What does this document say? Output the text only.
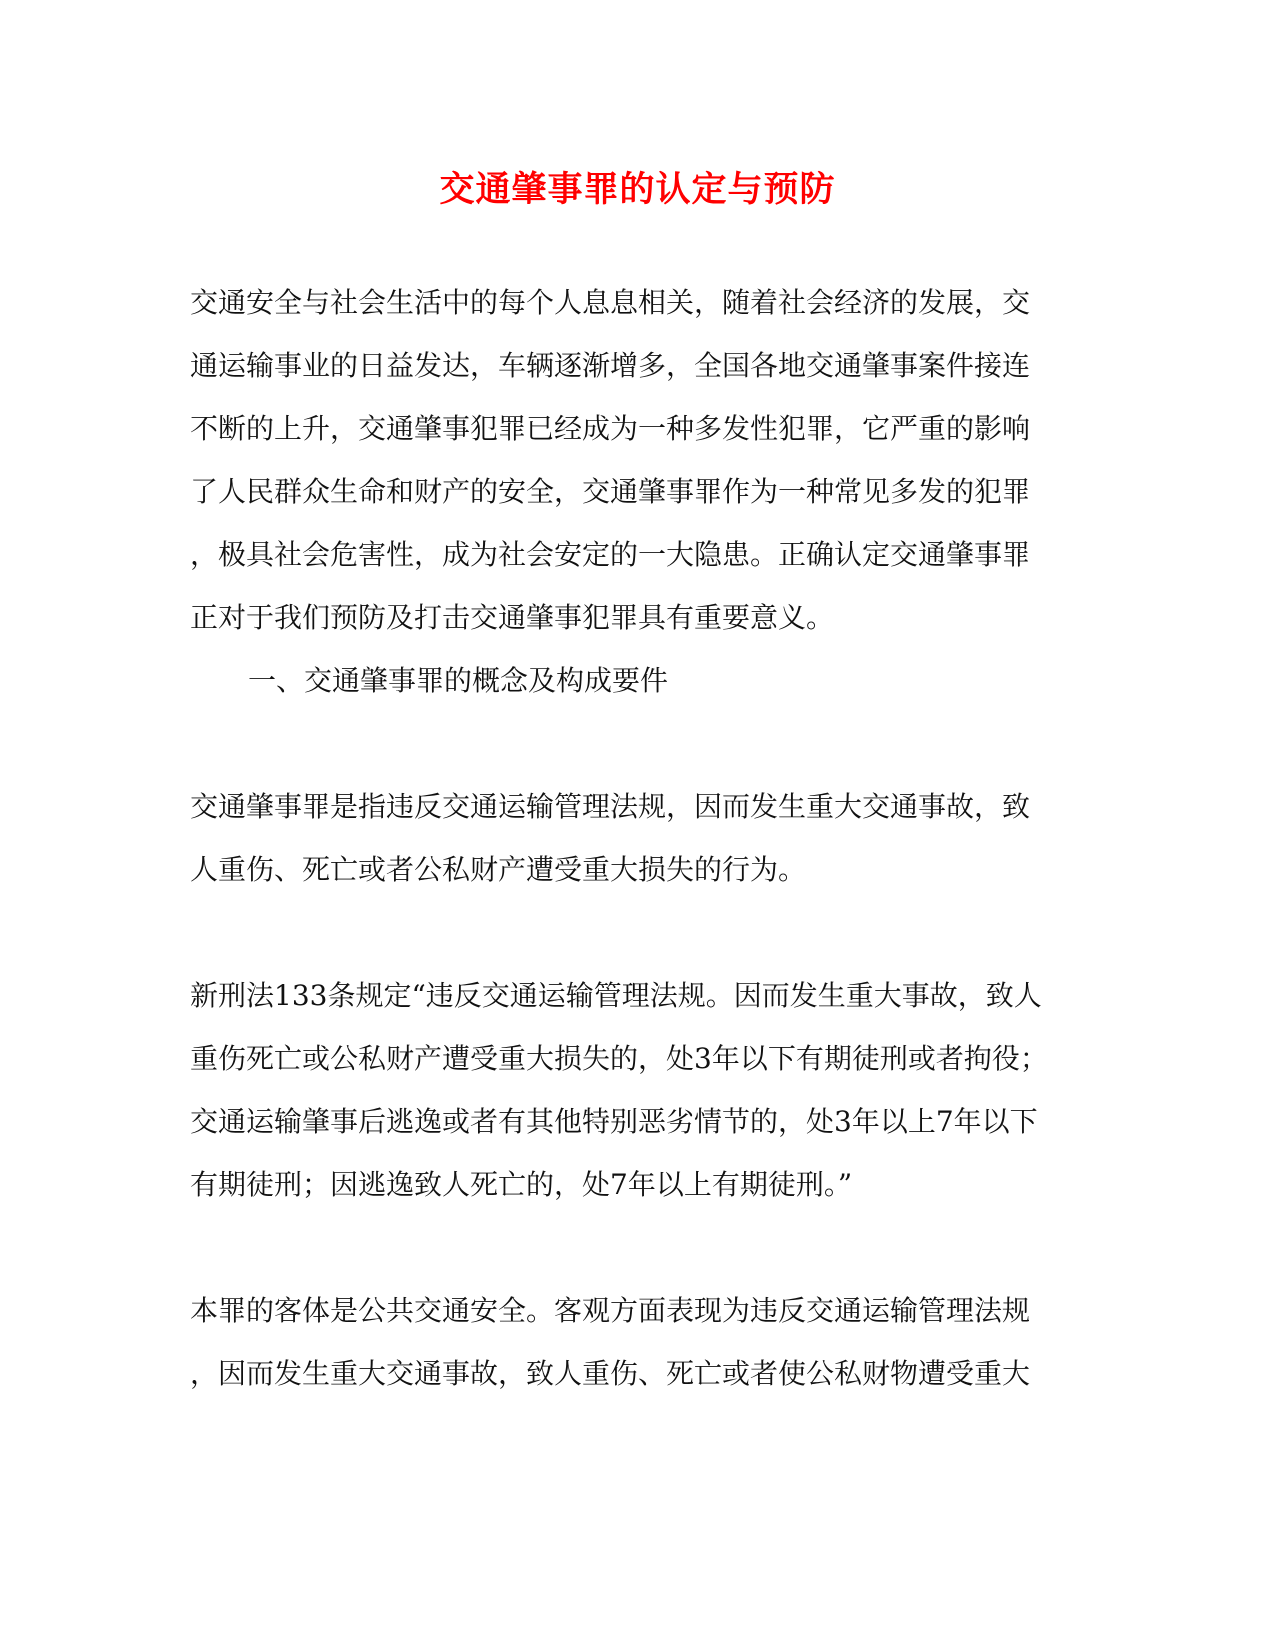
交通肇事罪的认定与预防
交通安全与社会生活中的每个人息息相关，随着社会经济的发展，交
通运输事业的日益发达，车辆逐渐增多，全国各地交通肇事案件接连
不断的上升，交通肇事犯罪已经成为一种多发性犯罪，它严重的影响
了人民群众生命和财产的安全，交通肇事罪作为一种常见多发的犯罪
，极具社会危害性，成为社会安定的一大隐患。正确认定交通肇事罪
正对于我们预防及打击交通肇事犯罪具有重要意义。
一、交通肇事罪的概念及构成要件
交通肇事罪是指违反交通运输管理法规，因而发生重大交通事故，致
人重伤、死亡或者公私财产遭受重大损失的行为。
新刑法133条规定“违反交通运输管理法规。因而发生重大事故，致人
重伤死亡或公私财产遭受重大损失的，处3年以下有期徒刑或者拘役；
交通运输肇事后逃逸或者有其他特别恶劣情节的，处3年以上7年以下
有期徒刑；因逃逸致人死亡的，处7年以上有期徒刑。”
本罪的客体是公共交通安全。客观方面表现为违反交通运输管理法规
，因而发生重大交通事故，致人重伤、死亡或者使公私财物遭受重大
